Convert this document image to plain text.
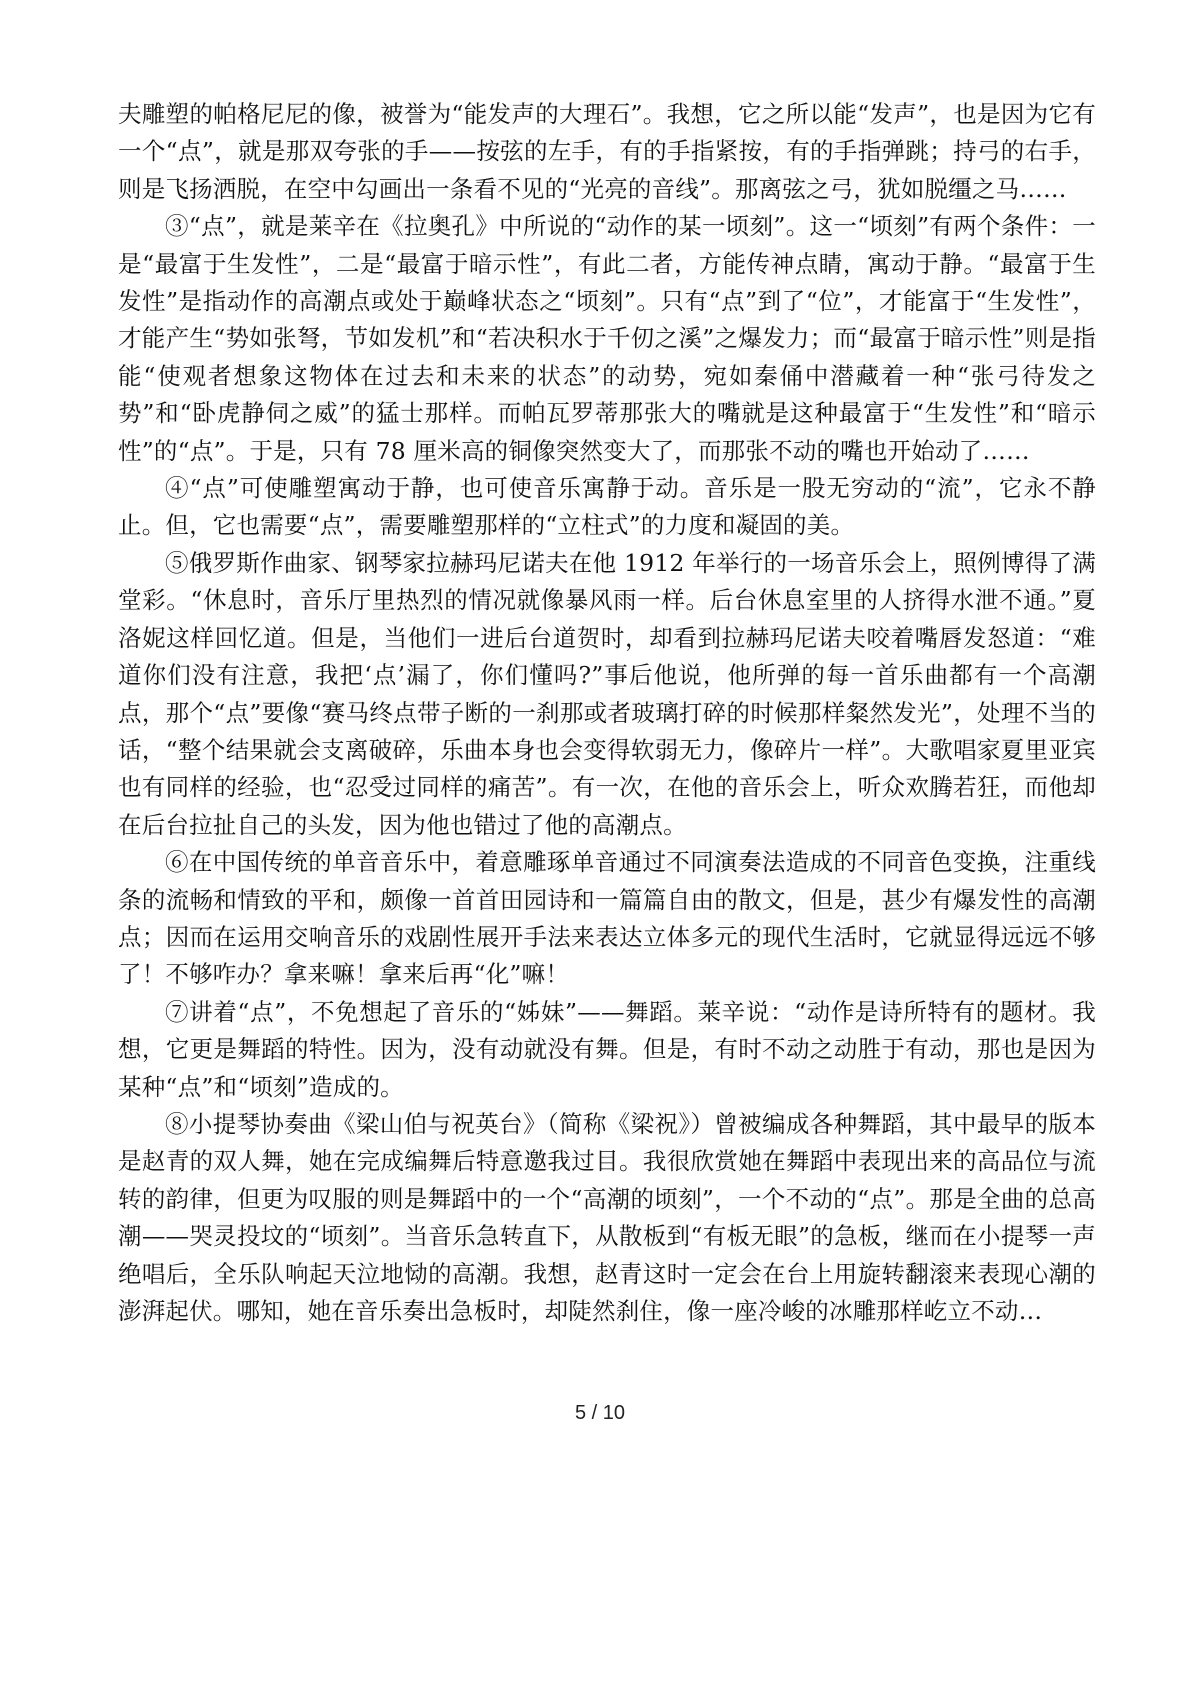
夫雕塑的帕格尼尼的像，被誉为“能发声的大理石”。我想，它之所以能“发声”，也是因为它有一个“点”，就是那双夸张的手——按弦的左手，有的手指紧按，有的手指弹跳；持弓的右手，则是飞扬洒脱，在空中勾画出一条看不见的“光亮的音线”。那离弦之弓，犹如脱缰之马……

③“点”，就是莱辛在《拉奥孔》中所说的“动作的某一顷刻”。这一“顷刻”有两个条件：一是“最富于生发性”，二是“最富于暗示性”，有此二者，方能传神点睛，寓动于静。“最富于生发性”是指动作的高潮点或处于巅峰状态之“顷刻”。只有“点”到了“位”，才能富于“生发性”，才能产生“势如张弩，节如发机”和“若决积水于千仞之溪”之爆发力；而“最富于暗示性”则是指能“使观者想象这物体在过去和未来的状态”的动势，宛如秦俑中潜藏着一种“张弓待发之势”和“卧虎静伺之威”的猛士那样。而帕瓦罗蒂那张大的嘴就是这种最富于“生发性”和“暗示性”的“点”。于是，只有 78 厘米高的铜像突然变大了，而那张不动的嘴也开始动了……

④“点”可使雕塑寓动于静，也可使音乐寓静于动。音乐是一股无穷动的“流”，它永不静止。但，它也需要“点”，需要雕塑那样的“立柱式”的力度和凝固的美。

⑤俄罗斯作曲家、钢琴家拉赫玛尼诺夫在他 1912 年举行的一场音乐会上，照例博得了满堂彩。“休息时，音乐厅里热烈的情况就像暴风雨一样。后台休息室里的人挤得水泄不通。”夏洛妮这样回忆道。但是，当他们一进后台道贺时，却看到拉赫玛尼诺夫咬着嘴唇发怒道：“难道你们没有注意，我把‘点’漏了，你们懂吗?”事后他说，他所弹的每一首乐曲都有一个高潮点，那个“点”要像“赛马终点带子断的一刹那或者玻璃打碎的时候那样粲然发光”，处理不当的话，“整个结果就会支离破碎，乐曲本身也会变得软弱无力，像碎片一样”。大歌唱家夏里亚宾也有同样的经验，也“忍受过同样的痛苦”。有一次，在他的音乐会上，听众欢腾若狂，而他却在后台拉扯自己的头发，因为他也错过了他的高潮点。

⑥在中国传统的单音音乐中，着意雕琢单音通过不同演奏法造成的不同音色变换，注重线条的流畅和情致的平和，颇像一首首田园诗和一篇篇自由的散文，但是，甚少有爆发性的高潮点；因而在运用交响音乐的戏剧性展开手法来表达立体多元的现代生活时，它就显得远远不够了！不够咋办？拿来嘛！拿来后再“化”嘛！

⑦讲着“点”，不免想起了音乐的“姊妹”——舞蹈。莱辛说：“动作是诗所特有的题材。我想，它更是舞蹈的特性。因为，没有动就没有舞。但是，有时不动之动胜于有动，那也是因为某种“点”和“顷刻”造成的。

⑧小提琴协奏曲《梁山伯与祝英台》（简称《梁祝》）曾被编成各种舞蹈，其中最早的版本是赵青的双人舞，她在完成编舞后特意邀我过目。我很欣赏她在舞蹈中表现出来的高品位与流转的韵律，但更为叹服的则是舞蹈中的一个“高潮的顷刻”，一个不动的“点”。那是全曲的总高潮——哭灵投坟的“顷刻”。当音乐急转直下，从散板到“有板无眼”的急板，继而在小提琴一声绝唱后，全乐队响起天泣地恸的高潮。我想，赵青这时一定会在台上用旋转翻滚来表现心潮的澎湃起伏。哪知，她在音乐奏出急板时，却陡然刹住，像一座冷峻的冰雕那样屹立不动…

5 / 10
